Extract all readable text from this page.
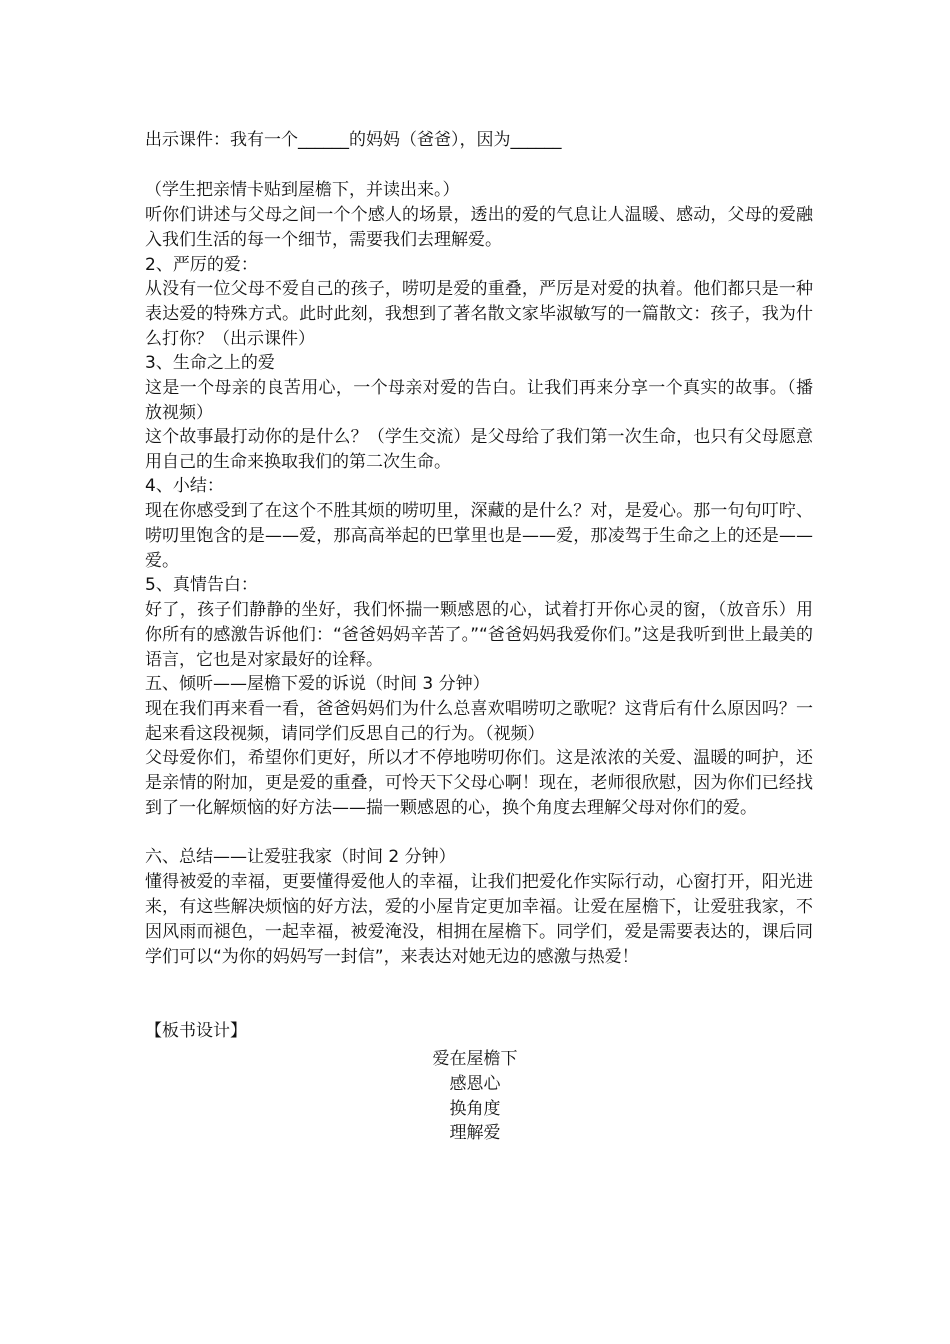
出示课件：我有一个______的妈妈（爸爸），因为______

（学生把亲情卡贴到屋檐下，并读出来。）

听你们讲述与父母之间一个个感人的场景，透出的爱的气息让人温暖、感动，父母的爱融入我们生活的每一个细节，需要我们去理解爱。

2、严厉的爱：

从没有一位父母不爱自己的孩子，唠叨是爱的重叠，严厉是对爱的执着。他们都只是一种表达爱的特殊方式。此时此刻，我想到了著名散文家毕淑敏写的一篇散文：孩子，我为什么打你？（出示课件）

3、生命之上的爱

这是一个母亲的良苦用心，一个母亲对爱的告白。让我们再来分享一个真实的故事。（播放视频）

这个故事最打动你的是什么？（学生交流）是父母给了我们第一次生命，也只有父母愿意用自己的生命来换取我们的第二次生命。

4、小结：

现在你感受到了在这个不胜其烦的唠叨里，深藏的是什么？对，是爱心。那一句句叮咛、唠叨里饱含的是——爱，那高高举起的巴掌里也是——爱，那凌驾于生命之上的还是——爱。

5、真情告白：

好了，孩子们静静的坐好，我们怀揣一颗感恩的心，试着打开你心灵的窗，（放音乐）用你所有的感激告诉他们：“爸爸妈妈辛苦了。”“爸爸妈妈我爱你们。”这是我听到世上最美的语言，它也是对家最好的诠释。

五、倾听——屋檐下爱的诉说（时间 3 分钟）

现在我们再来看一看，爸爸妈妈们为什么总喜欢唱唠叨之歌呢？这背后有什么原因吗？一起来看这段视频，请同学们反思自己的行为。（视频）

父母爱你们，希望你们更好，所以才不停地唠叨你们。这是浓浓的关爱、温暖的呵护，还是亲情的附加，更是爱的重叠，可怜天下父母心啊！现在，老师很欣慰，因为你们已经找到了一化解烦恼的好方法——揣一颗感恩的心，换个角度去理解父母对你们的爱。

六、总结——让爱驻我家（时间 2 分钟）

懂得被爱的幸福，更要懂得爱他人的幸福，让我们把爱化作实际行动，心窗打开，阳光进来，有这些解决烦恼的好方法，爱的小屋肯定更加幸福。让爱在屋檐下，让爱驻我家，不因风雨而褪色，一起幸福，被爱淹没，相拥在屋檐下。同学们，爱是需要表达的，课后同学们可以“为你的妈妈写一封信”，来表达对她无边的感激与热爱！

【板书设计】

爱在屋檐下

感恩心

换角度

理解爱
